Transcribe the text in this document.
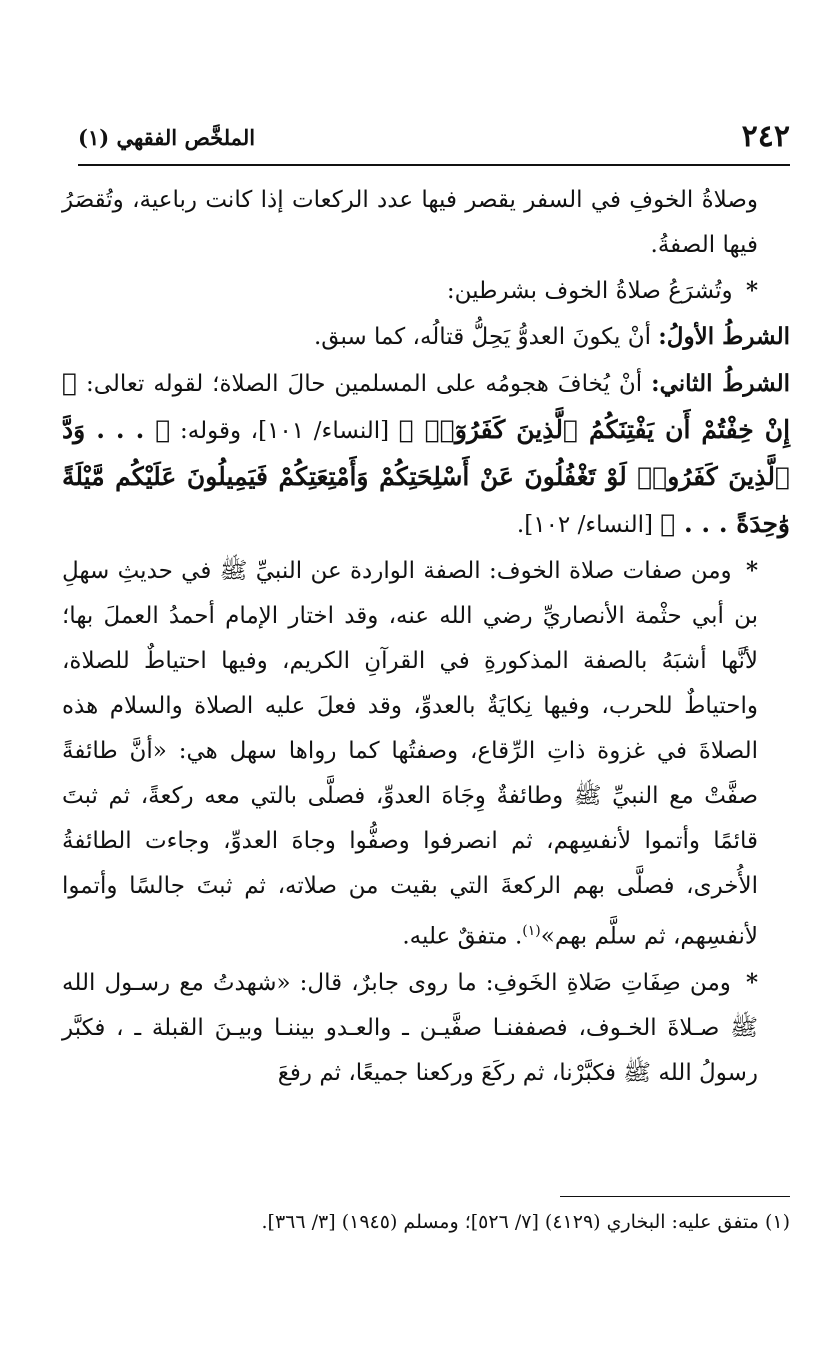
٢٤٢
الملخَّص الفقهي (١)

وصلاةُ الخوفِ في السفر يقصر فيها عدد الركعات إذا كانت رباعية، وتُقصَرُ فيها الصفةُ.

* وتُشرَعُ صلاةُ الخوف بشرطين:

الشرطُ الأولُ: أنْ يكونَ العدوُّ يَحِلُّ قتالُه، كما سبق.

الشرطُ الثاني: أنْ يُخافَ هجومُه على المسلمين حالَ الصلاة؛ لقوله تعالى: ﴿ إِنْ خِفْتُمْ أَن يَفْتِنَكُمُ ٱلَّذِينَ كَفَرُوٓا۟ ﴾ [النساء/ ١٠١]، وقوله: ﴿ . . . وَدَّ ٱلَّذِينَ كَفَرُوا۟ لَوْ تَغْفُلُونَ عَنْ أَسْلِحَتِكُمْ وَأَمْتِعَتِكُمْ فَيَمِيلُونَ عَلَيْكُم مَّيْلَةً وَٰحِدَةً . . . ﴾ [النساء/ ١٠٢].

* ومن صفات صلاة الخوف: الصفة الواردة عن النبيِّ ﷺ في حديثِ سهلِ بن أبي حثْمة الأنصاريِّ رضي الله عنه، وقد اختار الإمام أحمدُ العملَ بها؛ لأنَّها أشبَهُ بالصفة المذكورةِ في القرآنِ الكريم، وفيها احتياطٌ للصلاة، واحتياطٌ للحرب، وفيها نِكايَةٌ بالعدوِّ، وقد فعلَ عليه الصلاة والسلام هذه الصلاةَ في غزوة ذاتِ الرِّقاع، وصفتُها كما رواها سهل هي: «أنَّ طائفةً صفَّتْ مع النبيِّ ﷺ وطائفةٌ وِجَاهَ العدوِّ، فصلَّى بالتي معه ركعةً، ثم ثبتَ قائمًا وأتموا لأنفسِهم، ثم انصرفوا وصفُّوا وجاهَ العدوِّ، وجاءت الطائفةُ الأُخرى، فصلَّى بهم الركعةَ التي بقيت من صلاته، ثم ثبتَ جالسًا وأتموا لأنفسِهم، ثم سلَّم بهم»$^{(١)}$. متفقٌ عليه.

* ومن صِفَاتِ صَلاةِ الخَوفِ: ما روى جابرٌ، قال: «شهدتُ مع رسـول الله ﷺ صـلاةَ الخـوف، فصففنـا صفَّيـن ـ والعـدو بيننـا وبيـنَ القبلة ـ ، فكبَّر رسولُ الله ﷺ فكبَّرْنا، ثم ركَعَ وركعنا جميعًا، ثم رفعَ

(١) متفق عليه: البخاري (٤١٢٩) [٧/ ٥٢٦]؛ ومسلم (١٩٤٥) [٣/ ٣٦٦].
